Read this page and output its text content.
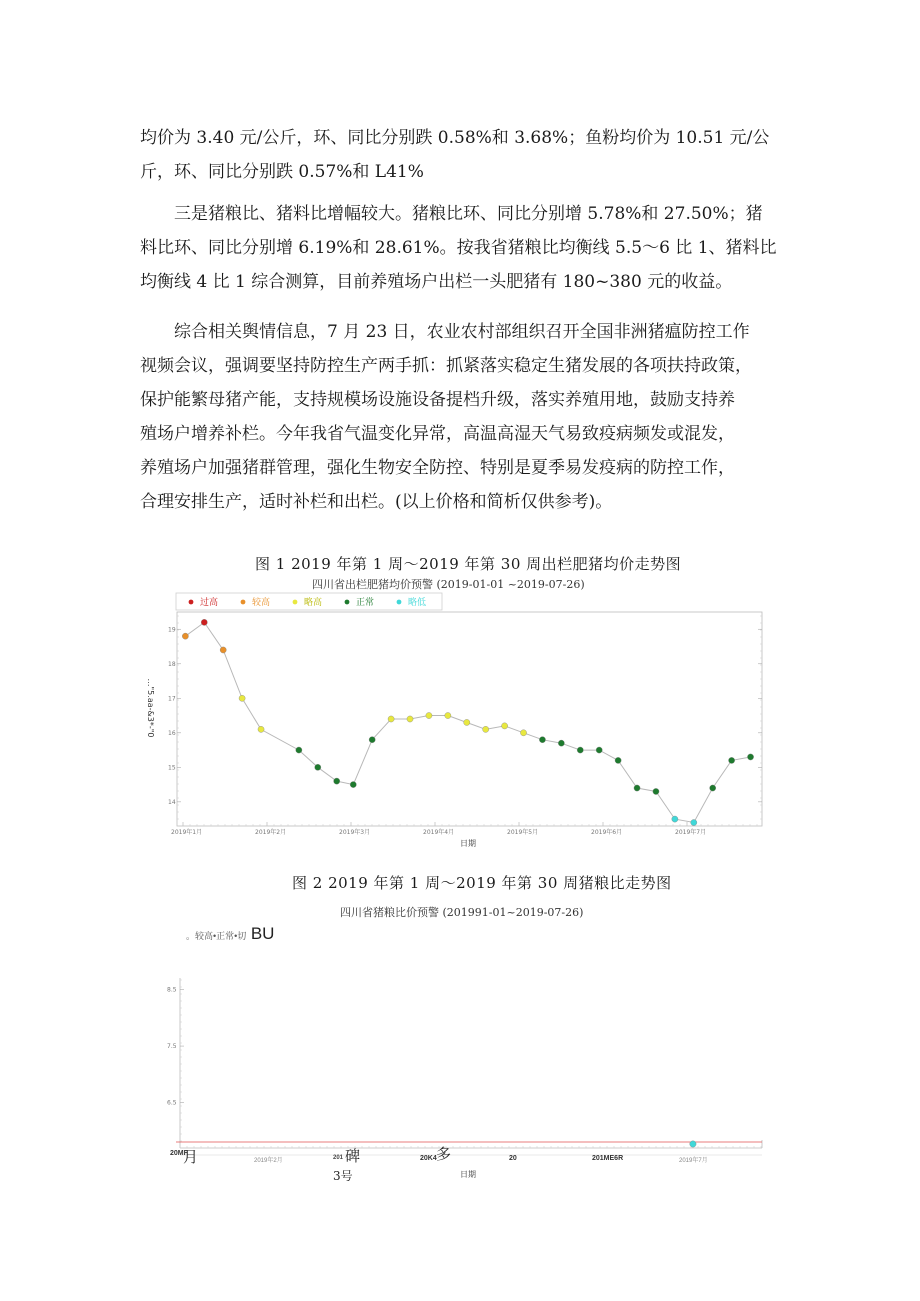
均价为 3.40 元/公斤，环、同比分别跌 0.58%和 3.68%；鱼粉均价为 10.51 元/公
斤，环、同比分别跌 0.57%和 L41%

三是猪粮比、猪料比增幅较大。猪粮比环、同比分别增 5.78%和 27.50%；猪
料比环、同比分别增 6.19%和 28.61%。按我省猪粮比均衡线 5.5～6 比 1、猪料比
均衡线 4 比 1 综合测算，目前养殖场户出栏一头肥猪有 180~380 元的收益。

综合相关舆情信息，7 月 23 日，农业农村部组织召开全国非洲猪瘟防控工作
视频会议，强调要坚持防控生产两手抓：抓紧落实稳定生猪发展的各项扶持政策，
保护能繁母猪产能，支持规模场设施设备提档升级，落实养殖用地，鼓励支持养
殖场户增养补栏。今年我省气温变化异常，高温高湿天气易致疫病频发或混发，
养殖场户加强猪群管理，强化生物安全防控、特别是夏季易发疫病的防控工作，
合理安排生产，适时补栏和出栏。(以上价格和简析仅供参考)。

图 1 2019 年第 1 周〜2019 年第 30 周出栏肥猪均价走势图
四川省出栏肥猪均价预警 (2019-01-01 ~2019-07-26)
过高	较高	略高	正常	略低
14
15
16
17
18
19
2019年1月	2019年2月	2019年3月	2019年4月	2019年5月	2019年6月	2019年7月
…"5.aa-&3*-"0
日期
图 2 2019 年第 1 周〜2019 年第 30 周猪粮比走势图
四川省猪粮比价预警 (201991-01~2019-07-26)
。较高•正常•切 BU
6.5
7.5
8.5
20MF
月	2019年2月	201 碑	多
20K4	20	201ME6R	2019年7月
3号	日期
